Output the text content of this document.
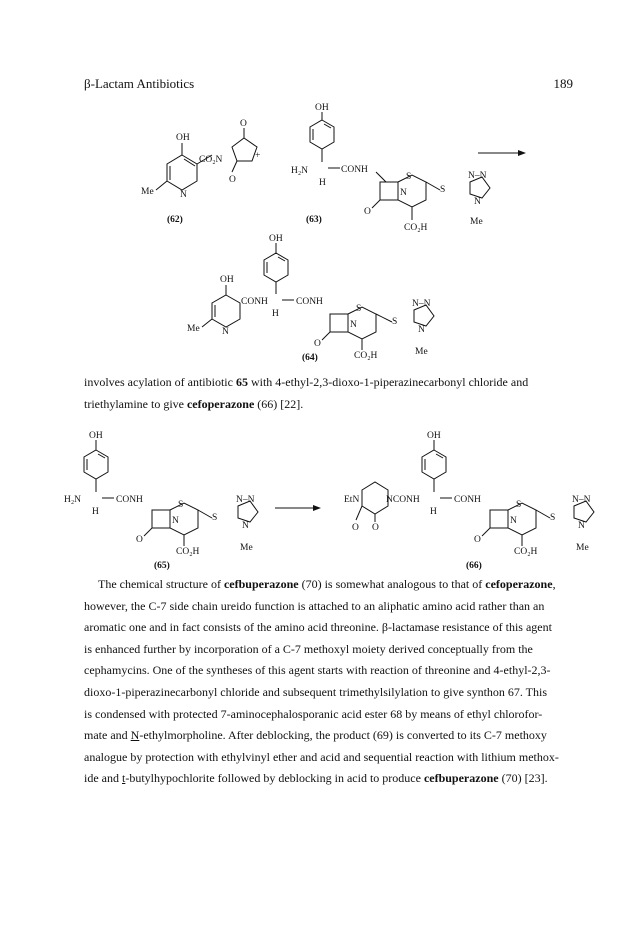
β-Lactam Antibiotics	189
OH
CO₂N
O
O
Me	N
(62)
+
OH
H₂N	CONH
H
S
N
O
CO₂H
S
N–N
N
Me
(63)
OH
OH
CONH	CONH
H
Me N
S
N
O
CO₂H
S
N–N
N
Me
(64)

involves acylation of antibiotic 65 with 4-ethyl-2,3-dioxo-1-piperazinecarbonyl chloride and

triethylamine to give cefoperazone (66) [22].

OH
H₂N	CONH
H
S
N
O
CO₂H
S
N–N
N
Me
(65)
OH
EtN	NCONH	CONH
H
O O
S
N
O
CO₂H
S
N–N
N
Me
(66)

The chemical structure of cefbuperazone (70) is somewhat analogous to that of cefoperazone,

however, the C-7 side chain ureido function is attached to an aliphatic amino acid rather than an

aromatic one and in fact consists of the amino acid threonine. β-lactamase resistance of this agent

is enhanced further by incorporation of a C-7 methoxyl moiety derived conceptually from the

cephamycins. One of the syntheses of this agent starts with reaction of threonine and 4-ethyl-2,3-

dioxo-1-piperazinecarbonyl chloride and subsequent trimethylsilylation to give synthon 67. This

is condensed with protected 7-aminocephalosporanic acid ester 68 by means of ethyl chlorofor-

mate and N-ethylmorpholine. After deblocking, the product (69) is converted to its C-7 methoxy

analogue by protection with ethylvinyl ether and acid and sequential reaction with lithium methox-

ide and t-butylhypochlorite followed by deblocking in acid to produce cefbuperazone (70) [23].
